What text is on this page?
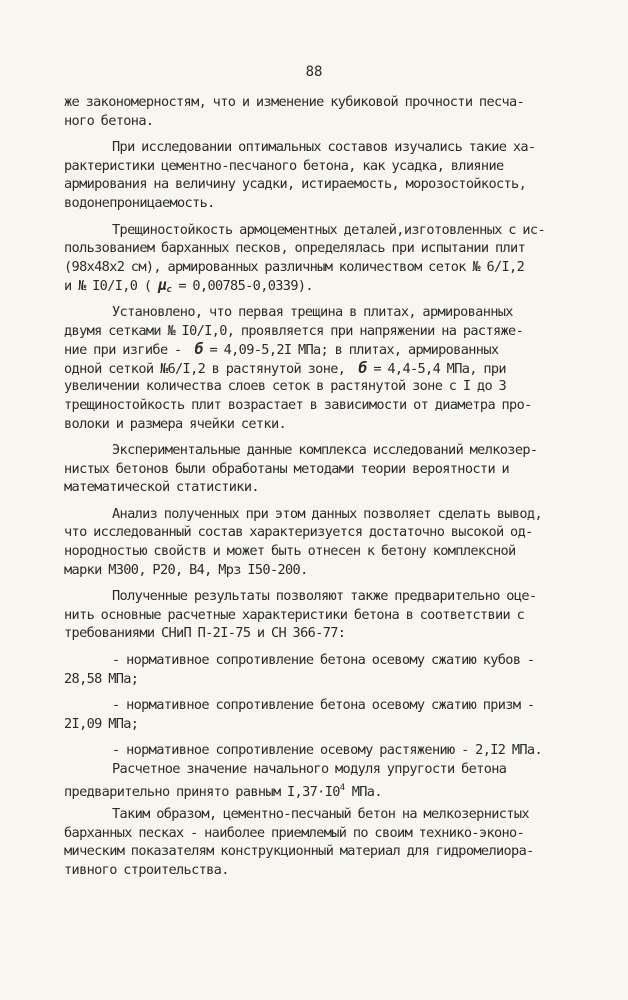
88
же закономерностям, что и изменение кубиковой прочности песча-
ного бетона.
При исследовании оптимальных составов изучались такие ха-
рактеристики цементно-песчаного бетона, как усадка, влияние
армирования на величину усадки, истираемость, морозостойкость,
водонепроницаемость.
Трещиностойкость армоцементных деталей,изготовленных с ис-
пользованием барханных песков, определялась при испытании плит
(98х48х2 см), армированных различным количеством сеток № 6/I,2
и № I0/I,0 ( $\mu_c = 0,00785-0,0339$).
Установлено, что первая трещина в плитах, армированных
двумя сетками № I0/I,0, проявляется при напряжении на растяже-
ние при изгибе - б = 4,09-5,2I МПа; в плитах, армированных
одной сеткой №6/I,2 в растянутой зоне, б = 4,4-5,4 МПа, при
увеличении количества слоев сеток в растянутой зоне с I до 3
трещиностойкость плит возрастает в зависимости от диаметра про-
волоки и размера ячейки сетки.
Экспериментальные данные комплекса исследований мелкозер-
нистых бетонов были обработаны методами теории вероятности и
математической статистики.
Анализ полученных при этом данных позволяет сделать вывод,
что исследованный состав характеризуется достаточно высокой од-
нородностью свойств и может быть отнесен к бетону комплексной
марки М300, Р20, В4, Мрз I50-200.
Полученные результаты позволяют также предварительно оце-
нить основные расчетные характеристики бетона в соответствии с
требованиями СНиП П-2I-75 и СН 366-77:
- нормативное сопротивление бетона осевому сжатию кубов -
28,58 МПа;
- нормативное сопротивление бетона осевому сжатию призм -
2I,09 МПа;
- нормативное сопротивление осевому растяжению - 2,I2 МПа.
Расчетное значение начального модуля упругости бетона
предварительно принято равным $I,37\cdot I0^4$ МПа.
Таким образом, цементно-песчаный бетон на мелкозернистых
барханных песках - наиболее приемлемый по своим технико-эконо-
мическим показателям конструкционный материал для гидромелиора-
тивного строительства.
